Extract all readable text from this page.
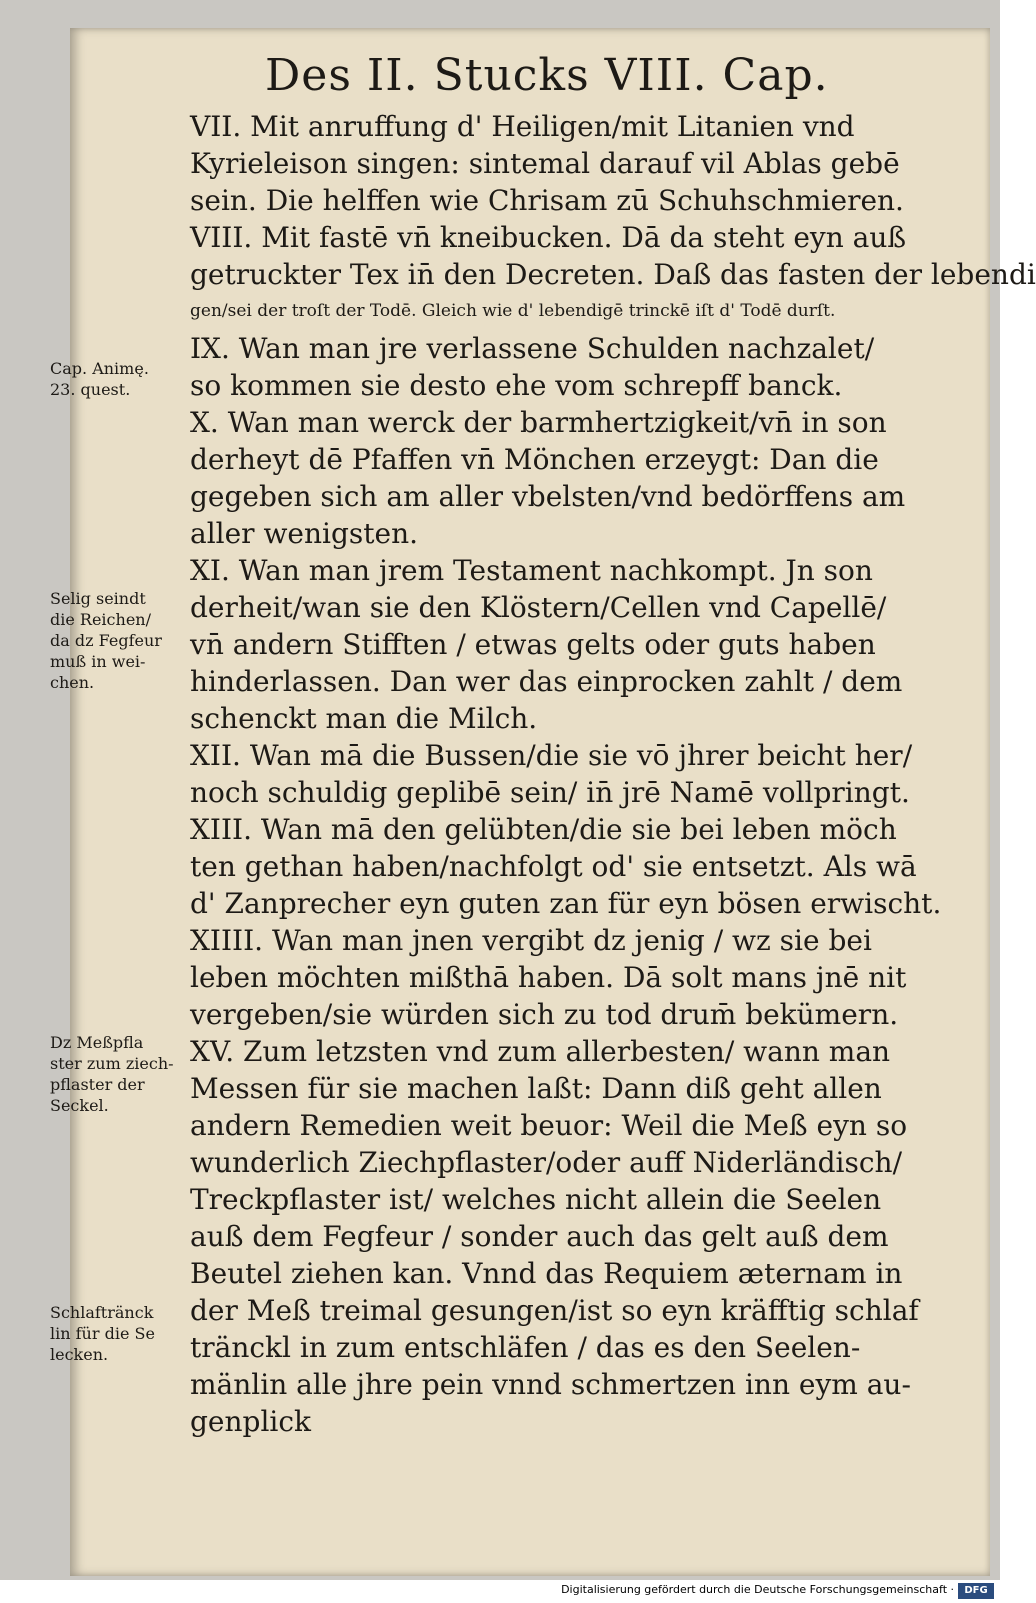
Des II. Stucks VIII. Cap.
VII. Mit anruffung d' Heiligen/mit Litanien vnd
Kyrieleison singen: sintemal darauf vil Ablas gebē
sein. Die helffen wie Chrisam zū Schuhschmieren.
VIII. Mit fastē vn̄ kneibucken. Dā da steht eyn auß
getruckter Tex in̄ den Decreten. Daß das fasten der lebendi
gen/sei der troſt der Todē. Gleich wie d' lebendigē trinckē iſt d' Todē durſt.
IX. Wan man jre verlassene Schulden nachzalet/
so kommen sie desto ehe vom schrepff banck.
X. Wan man werck der barmhertzigkeit/vn̄ in son
derheyt dē Pfaffen vn̄ Mönchen erzeygt: Dan die
gegeben sich am aller vbelsten/vnd bedörffens am
aller wenigsten.
XI. Wan man jrem Testament nachkompt. Jn son
derheit/wan sie den Klöstern/Cellen vnd Capellē/
vn̄ andern Stifften / etwas gelts oder guts haben
hinderlassen. Dan wer das einprocken zahlt / dem
schenckt man die Milch.
XII. Wan mā die Bussen/die sie vō jhrer beicht her/
noch schuldig geplibē sein/ in̄ jrē Namē vollpringt.
XIII. Wan mā den gelübten/die sie bei leben möch
ten gethan haben/nachfolgt od' sie entsetzt. Als wā
d' Zanprecher eyn guten zan für eyn bösen erwischt.
XIIII. Wan man jnen vergibt dz jenig / wz sie bei
leben möchten mißthā haben. Dā solt mans jnē nit
vergeben/sie würden sich zu tod drum̄ bekümern.
XV. Zum letzsten vnd zum allerbesten/ wann man
Messen für sie machen laßt: Dann diß geht allen
andern Remedien weit beuor: Weil die Meß eyn so
wunderlich Ziechpflaster/oder auff Niderländisch/
Treckpflaster ist/ welches nicht allein die Seelen
auß dem Fegfeur / sonder auch das gelt auß dem
Beutel ziehen kan. Vnnd das Requiem æternam in
der Meß treimal gesungen/ist so eyn kräfftig schlaf
tränckl in zum entschläfen / das es den Seelen-
mänlin alle jhre pein vnnd schmertzen inn eym au-
genplick
Cap. Animę.
23. quest.
Selig seindt
die Reichen/
da dz Fegfeur
muß in wei-
chen.
Dz Meßpfla
ster zum ziech-
pflaster der
Seckel.
Schlaftränck
lin für die Se
lecken.
Digitalisierung gefördert durch die Deutsche Forschungsgemeinschaft ·	DFG
